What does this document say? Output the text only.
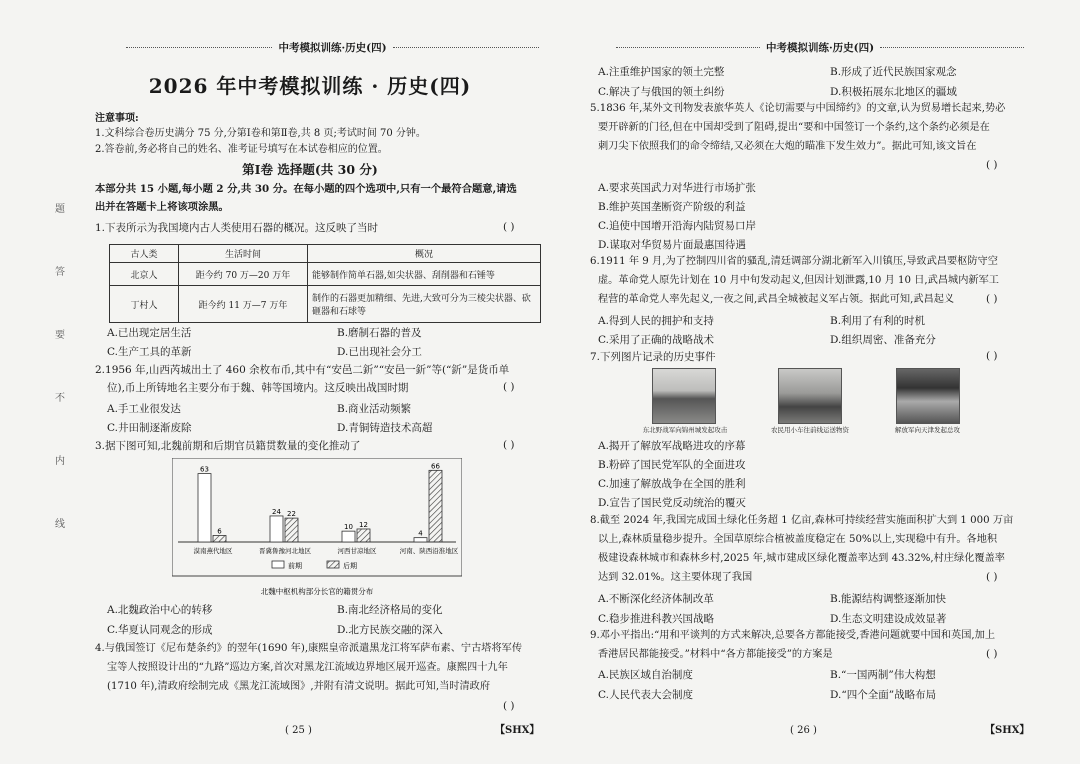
题
答
要
不
内
线
中考模拟训练·历史(四)
2026 年中考模拟训练 · 历史(四)
注意事项:
1.文科综合卷历史满分 75 分,分第Ⅰ卷和第Ⅱ卷,共 8 页;考试时间 70 分钟。
2.答卷前,务必将自己的姓名、准考证号填写在本试卷相应的位置。
第Ⅰ卷 选择题(共 30 分)
本部分共 15 小题,每小题 2 分,共 30 分。在每小题的四个选项中,只有一个最符合题意,请选
出并在答题卡上将该项涂黑。
1.下表所示为我国境内古人类使用石器的概况。这反映了当时	( )
古人类	生活时间	概况
北京人	距今约 70 万—20 万年	能够制作简单石器,如尖状器、刮削器和石锤等
丁村人	距今约 11 万—7 万年	制作的石器更加精细、先进,大致可分为三棱尖状器、砍砸器和石球等
A.已出现定居生活	B.磨制石器的普及
C.生产工具的革新	D.已出现社会分工
2.1956 年,山西芮城出土了 460 余枚布币,其中有“安邑二釿”“安邑一釿”等(“釿”是货币单
位),币上所铸地名主要分布于魏、韩等国境内。这反映出战国时期	( )
A.手工业很发达	B.商业活动频繁
C.井田制逐渐废除	D.青铜铸造技术高超
3.据下图可知,北魏前期和后期官员籍贯数量的变化推动了	( )
63
6
漠南燕代地区
24 22
晋冀鲁豫河北地区
10 12
河西甘凉地区
4
66
河南、陕西沿淮地区
前期	后期
北魏中枢机构部分长官的籍贯分布
A.北魏政治中心的转移	B.南北经济格局的变化
C.华夏认同观念的形成	D.北方民族交融的深入
4.与俄国签订《尼布楚条约》的翌年(1690 年),康熙皇帝派遣黑龙江将军萨布素、宁古塔将军传
宝等人按照设计出的“九路”巡边方案,首次对黑龙江流域边界地区展开巡查。康熙四十九年
(1710 年),清政府绘制完成《黑龙江流域图》,并附有清文说明。据此可知,当时清政府
( )
( 25 )	【SHX】
中考模拟训练·历史(四)
A.注重维护国家的领土完整	B.形成了近代民族国家观念
C.解决了与俄国的领土纠纷	D.积极拓展东北地区的疆域
5.1836 年,某外文刊物发表旅华英人《论切需要与中国缔约》的文章,认为贸易增长起来,势必
要开辟新的门径,但在中国却受到了阻碍,提出“要和中国签订一个条约,这个条约必须是在
刺刀尖下依照我们的命令缔结,又必须在大炮的瞄准下发生效力”。据此可知,该文旨在
( )
A.要求英国武力对华进行市场扩张
B.维护英国垄断资产阶级的利益
C.追使中国增开沿海内陆贸易口岸
D.谋取对华贸易片面最惠国待遇
6.1911 年 9 月,为了控制四川省的骚乱,清廷调部分湖北新军入川镇压,导致武昌要枢防守空
虚。革命党人原先计划在 10 月中旬发动起义,但因计划泄露,10 月 10 日,武昌城内新军工
程营的革命党人率先起义,一夜之间,武昌全城被起义军占领。据此可知,武昌起义	( )
A.得到人民的拥护和支持	B.利用了有利的时机
C.采用了正确的战略战术	D.组织周密、准备充分
7.下列图片记录的历史事件	( )
东北野战军向锦州城发起攻击	农民用小车往前线运送物资	解放军向天津发起总攻
A.揭开了解放军战略进攻的序幕
B.粉碎了国民党军队的全面进攻
C.加速了解放战争在全国的胜利
D.宣告了国民党反动统治的覆灭
8.截至 2024 年,我国完成国土绿化任务超 1 亿亩,森林可持续经营实施面积扩大到 1 000 万亩
以上,森林质量稳步提升。全国草原综合植被盖度稳定在 50%以上,实现稳中有升。各地积
极建设森林城市和森林乡村,2025 年,城市建成区绿化覆盖率达到 43.32%,村庄绿化覆盖率
达到 32.01%。这主要体现了我国	( )
A.不断深化经济体制改革	B.能源结构调整逐渐加快
C.稳步推进科教兴国战略	D.生态文明建设成效显著
9.邓小平指出:“用和平谈判的方式来解决,总要各方都能接受,香港问题就要中国和英国,加上
香港居民都能接受。”材料中“各方都能接受”的方案是	( )
A.民族区域自治制度	B.“一国两制”伟大构想
C.人民代表大会制度	D.“四个全面”战略布局
( 26 )	【SHX】
